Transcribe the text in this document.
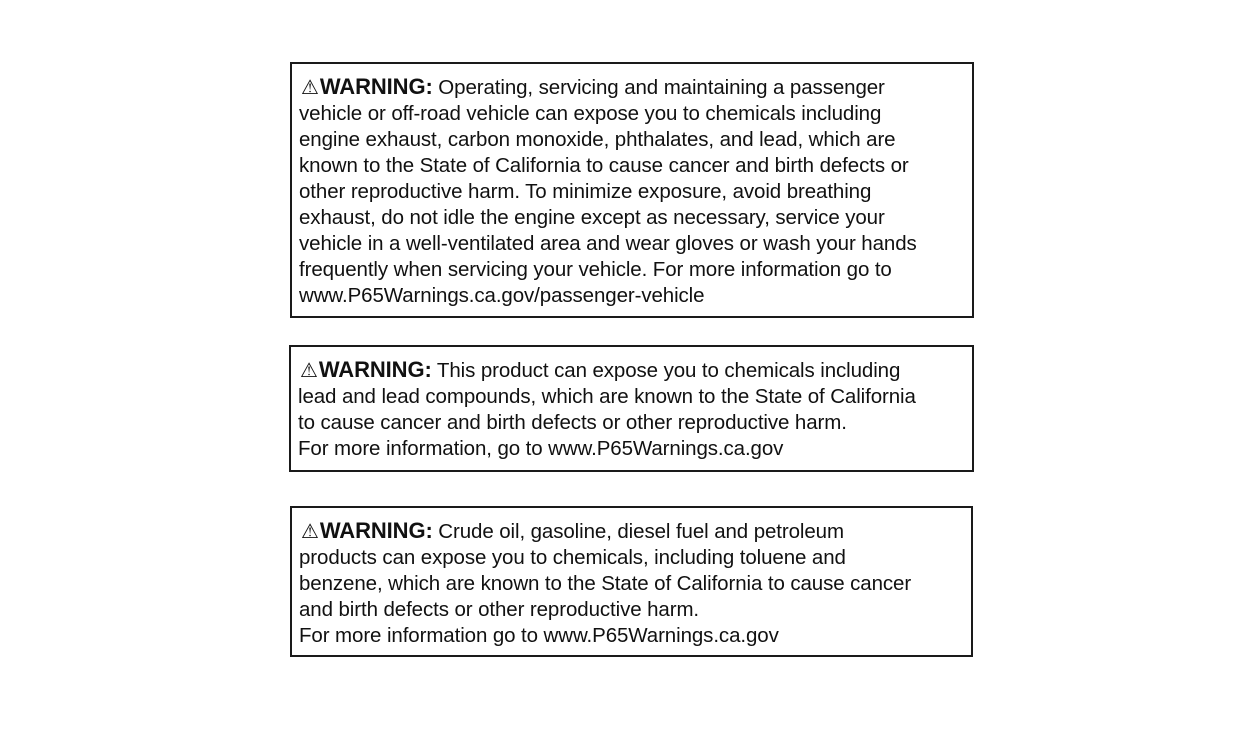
⚠WARNING: Operating, servicing and maintaining a passenger
vehicle or off-road vehicle can expose you to chemicals including
engine exhaust, carbon monoxide, phthalates, and lead, which are
known to the State of California to cause cancer and birth defects or
other reproductive harm. To minimize exposure, avoid breathing
exhaust, do not idle the engine except as necessary, service your
vehicle in a well-ventilated area and wear gloves or wash your hands
frequently when servicing your vehicle. For more information go to
www.P65Warnings.ca.gov/passenger-vehicle
⚠WARNING: This product can expose you to chemicals including
lead and lead compounds, which are known to the State of California
to cause cancer and birth defects or other reproductive harm.
For more information, go to www.P65Warnings.ca.gov
⚠WARNING: Crude oil, gasoline, diesel fuel and petroleum
products can expose you to chemicals, including toluene and
benzene, which are known to the State of California to cause cancer
and birth defects or other reproductive harm.
For more information go to www.P65Warnings.ca.gov
